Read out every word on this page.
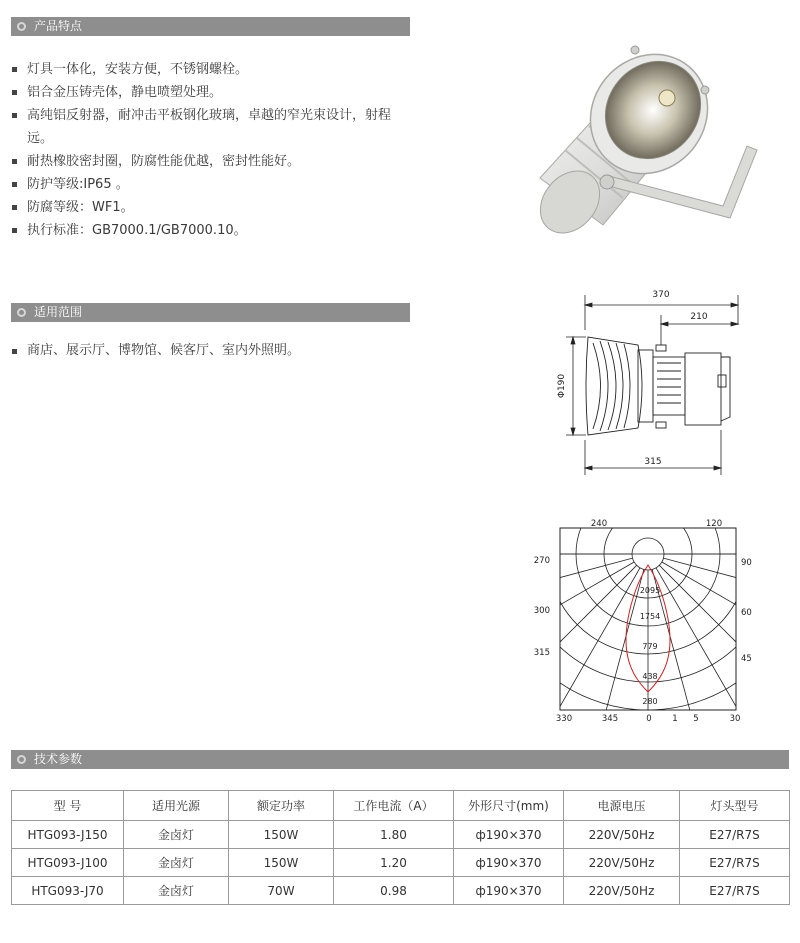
产品特点
灯具一体化，安装方便，不锈钢螺栓。
铝合金压铸壳体，静电喷塑处理。
高纯铝反射器，耐冲击平板钢化玻璃，卓越的窄光束设计，射程远。
耐热橡胶密封圈，防腐性能优越，密封性能好。
防护等级:IP65 。
防腐等级：WF1。
执行标准：GB7000.1/GB7000.10。
适用范围
商店、展示厅、博物馆、候客厅、室内外照明。
370
210
315
Φ190
240	120
270
300
315
90
60
45
330	345	0 1 5	30
2095
1754
779
438
280
技术参数
型 号	适用光源	额定功率	工作电流（A）	外形尺寸(mm)	电源电压	灯头型号
HTG093-J150	金卤灯	150W	1.80	ф190×370	220V/50Hz	E27/R7S
HTG093-J100	金卤灯	150W	1.20	ф190×370	220V/50Hz	E27/R7S
HTG093-J70	金卤灯	70W	0.98	ф190×370	220V/50Hz	E27/R7S
